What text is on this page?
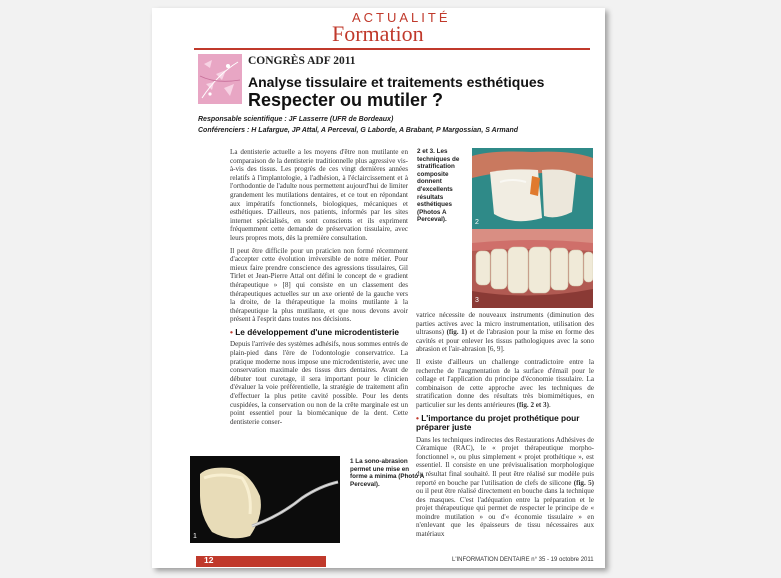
ACTUALITÉ
Formation
CONGRÈS ADF 2011
Analyse tissulaire et traitements esthétiques
Respecter ou mutiler ?
Responsable scientifique : JF Lasserre (UFR de Bordeaux)
Conférenciers : H Lafargue, JP Attal, A Perceval, G Laborde, A Brabant, P Margossian, S Armand

La dentisterie actuelle a les moyens d'être non mutilante en comparaison de la dentisterie traditionnelle plus agressive vis-à-vis des tissus. Les progrès de ces vingt dernières années relatifs à l'implantologie, à l'adhésion, à l'éclaircissement et à l'orthodontie de l'adulte nous permettent aujourd'hui de limiter grandement les mutilations dentaires, et ce tout en répondant aux impératifs fonctionnels, biologiques, mécaniques et esthétiques. D'ailleurs, nos patients, informés par les sites internet spécialisés, en sont conscients et ils expriment fréquemment cette demande de préservation tissulaire, avec leurs propres mots, dès la première consultation.

Il peut être difficile pour un praticien non formé récemment d'accepter cette évolution irréversible de notre métier. Pour mieux faire prendre conscience des agressions tissulaires, Gil Tirlet et Jean-Pierre Attal ont défini le concept de « gradient thérapeutique » [8] qui consiste en un classement des thérapeutiques actuelles sur un axe orienté de la gauche vers la droite, de la thérapeutique la moins mutilante à la thérapeutique la plus mutilante, et que nous devons avoir présent à l'esprit dans toutes nos décisions.

• Le développement d'une microdentisterie

Depuis l'arrivée des systèmes adhésifs, nous sommes entrés de plain-pied dans l'ère de l'odontologie conservatrice. La pratique moderne nous impose une microdentisterie, avec une conservation maximale des tissus durs dentaires. Avant de débuter tout curetage, il sera important pour le clinicien d'évaluer la voie préférentielle, la stratégie de traitement afin d'effectuer la plus petite cavité possible. Pour les dents cuspidées, la conservation ou non de la crête marginale est un point essentiel pour la biomécanique de la dent. Cette dentisterie conser-

1
1 La sono-abrasion permet une mise en forme a minima (Photo A Perceval).
2 et 3. Les techniques de stratification composite donnent d'excellents résultats esthétiques (Photos A Perceval).	2
3

vatrice nécessite de nouveaux instruments (diminution des parties actives avec la micro instrumentation, utilisation des ultrasons) (fig. 1) et de l'abrasion pour la mise en forme des cavités et pour enlever les tissus pathologiques avec la sono abrasion et l'air-abrasion [6, 9].

Il existe d'ailleurs un challenge contradictoire entre la recherche de l'augmentation de la surface d'émail pour le collage et l'application du principe d'économie tissulaire. La combinaison de cette approche avec les techniques de stratification donne des résultats très biomimétiques, en particulier sur les dents antérieures (fig. 2 et 3).

• L'importance du projet prothétique pour préparer juste

Dans les techniques indirectes des Restaurations Adhésives de Céramique (RAC), le « projet thérapeutique morpho-fonctionnel », ou plus simplement « projet prothétique », est essentiel. Il consiste en une prévisualisation morphologique du résultat final souhaité. Il peut être réalisé sur modèle puis reporté en bouche par l'utilisation de clefs de silicone (fig. 5) ou il peut être réalisé directement en bouche dans la technique des masques. C'est l'adéquation entre la préparation et le projet thérapeutique qui permet de respecter le principe de « moindre mutilation » ou d'« économie tissulaire » en n'enlevant que les épaisseurs de tissu nécessaires aux matériaux

12	L'INFORMATION DENTAIRE n° 35 - 19 octobre 2011
